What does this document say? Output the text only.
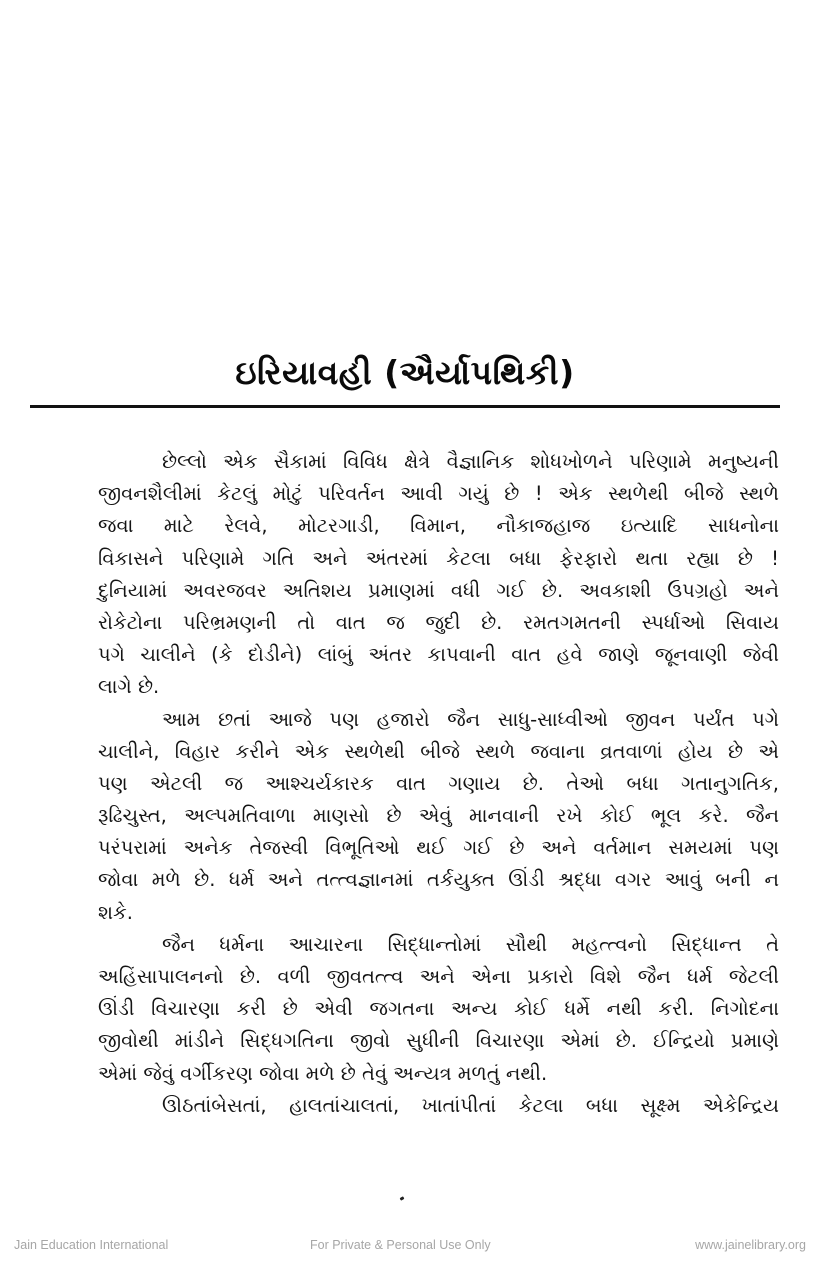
ઇરિયાવહી (ઐર્યાપથિકી)
છેલ્લો એક સૈકામાં વિવિધ ક્ષેત્રે વૈજ્ઞાનિક શોધખોળને પરિણામે મનુષ્યની
જીવનશૈલીમાં કેટલું મોટું પરિવર્તન આવી ગયું છે ! એક સ્થળેથી બીજે સ્થળે
જવા માટે રેલવે, મોટરગાડી, વિમાન, નૌકાજહાજ ઇત્યાદિ સાધનોના
વિકાસને પરિણામે ગતિ અને અંતરમાં કેટલા બધા ફેરફારો થતા રહ્યા છે !
દુનિયામાં અવરજવર અતિશય પ્રમાણમાં વધી ગઈ છે. અવકાશી ઉપગ્રહો અને
રોકેટોના પરિભ્રમણની તો વાત જ જુદી છે. રમતગમતની સ્પર્ધાઓ સિવાય
પગે ચાલીને (કે દોડીને) લાંબું અંતર કાપવાની વાત હવે જાણે જૂનવાણી જેવી
લાગે છે.
આમ છતાં આજે પણ હજારો જૈન સાધુ-સાધ્વીઓ જીવન પર્યંત પગે
ચાલીને, વિહાર કરીને એક સ્થળેથી બીજે સ્થળે જવાના વ્રતવાળાં હોય છે એ
પણ એટલી જ આશ્ચર્યકારક વાત ગણાય છે. તેઓ બધા ગતાનુગતિક,
રૂઢિચુસ્ત, અલ્પમતિવાળા માણસો છે એવું માનવાની રખે કોઈ ભૂલ કરે. જૈન
પરંપરામાં અનેક તેજસ્વી વિભૂતિઓ થઈ ગઈ છે અને વર્તમાન સમયમાં પણ
જોવા મળે છે. ધર્મ અને તત્ત્વજ્ઞાનમાં તર્કયુક્ત ઊંડી શ્રદ્ધા વગર આવું બની ન
શકે.
જૈન ધર્મના આચારના સિદ્ધાન્તોમાં સૌથી મહત્ત્વનો સિદ્ધાન્ત તે
અહિંસાપાલનનો છે. વળી જીવતત્ત્વ અને એના પ્રકારો વિશે જૈન ધર્મ જેટલી
ઊંડી વિચારણા કરી છે એવી જગતના અન્ય કોઈ ધર્મે નથી કરી. નિગોદના
જીવોથી માંડીને સિદ્ધગતિના જીવો સુધીની વિચારણા એમાં છે. ઈન્દ્રિયો પ્રમાણે
એમાં જેવું વર્ગીકરણ જોવા મળે છે તેવું અન્યત્ર મળતું નથી.
ઊઠતાંબેસતાં, હાલતાંચાલતાં, ખાતાંપીતાં કેટલા બધા સૂક્ષ્મ એકેન્દ્રિય
Jain Education International	For Private & Personal Use Only	www.jainelibrary.org
